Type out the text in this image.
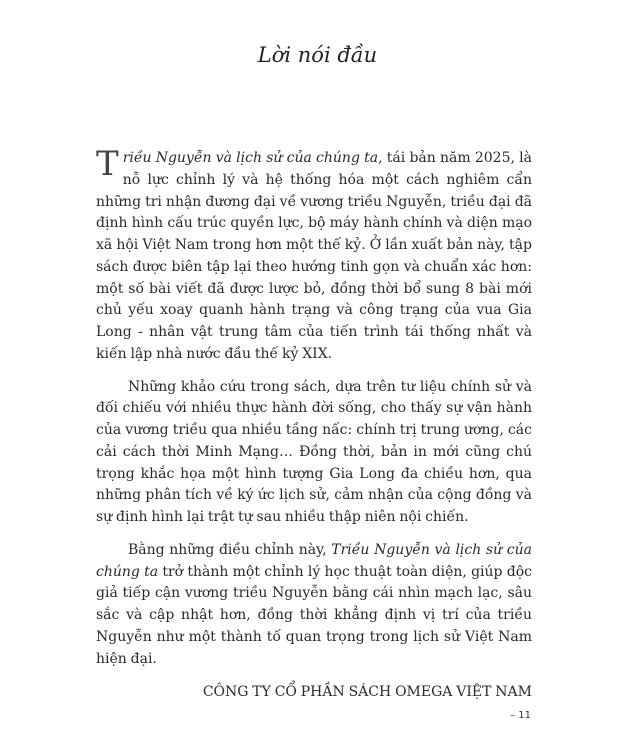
Lời nói đầu

Triều Nguyễn và lịch sử của chúng ta, tái bản năm 2025, là nỗ lực chỉnh lý và hệ thống hóa một cách nghiêm cẩn những tri nhận đương đại về vương triều Nguyễn, triều đại đã định hình cấu trúc quyền lực, bộ máy hành chính và diện mạo xã hội Việt Nam trong hơn một thế kỷ. Ở lần xuất bản này, tập sách được biên tập lại theo hướng tinh gọn và chuẩn xác hơn: một số bài viết đã được lược bỏ, đồng thời bổ sung 8 bài mới chủ yếu xoay quanh hành trạng và công trạng của vua Gia Long - nhân vật trung tâm của tiến trình tái thống nhất và kiến lập nhà nước đầu thế kỷ XIX.

Những khảo cứu trong sách, dựa trên tư liệu chính sử và đối chiếu với nhiều thực hành đời sống, cho thấy sự vận hành của vương triều qua nhiều tầng nấc: chính trị trung ương, các cải cách thời Minh Mạng… Đồng thời, bản in mới cũng chú trọng khắc họa một hình tượng Gia Long đa chiều hơn, qua những phân tích về ký ức lịch sử, cảm nhận của cộng đồng và sự định hình lại trật tự sau nhiều thập niên nội chiến.

Bằng những điều chỉnh này, Triều Nguyễn và lịch sử của chúng ta trở thành một chỉnh lý học thuật toàn diện, giúp độc giả tiếp cận vương triều Nguyễn bằng cái nhìn mạch lạc, sâu sắc và cập nhật hơn, đồng thời khẳng định vị trí của triều Nguyễn như một thành tố quan trọng trong lịch sử Việt Nam hiện đại.

CÔNG TY CỔ PHẦN SÁCH OMEGA VIỆT NAM

– 11
